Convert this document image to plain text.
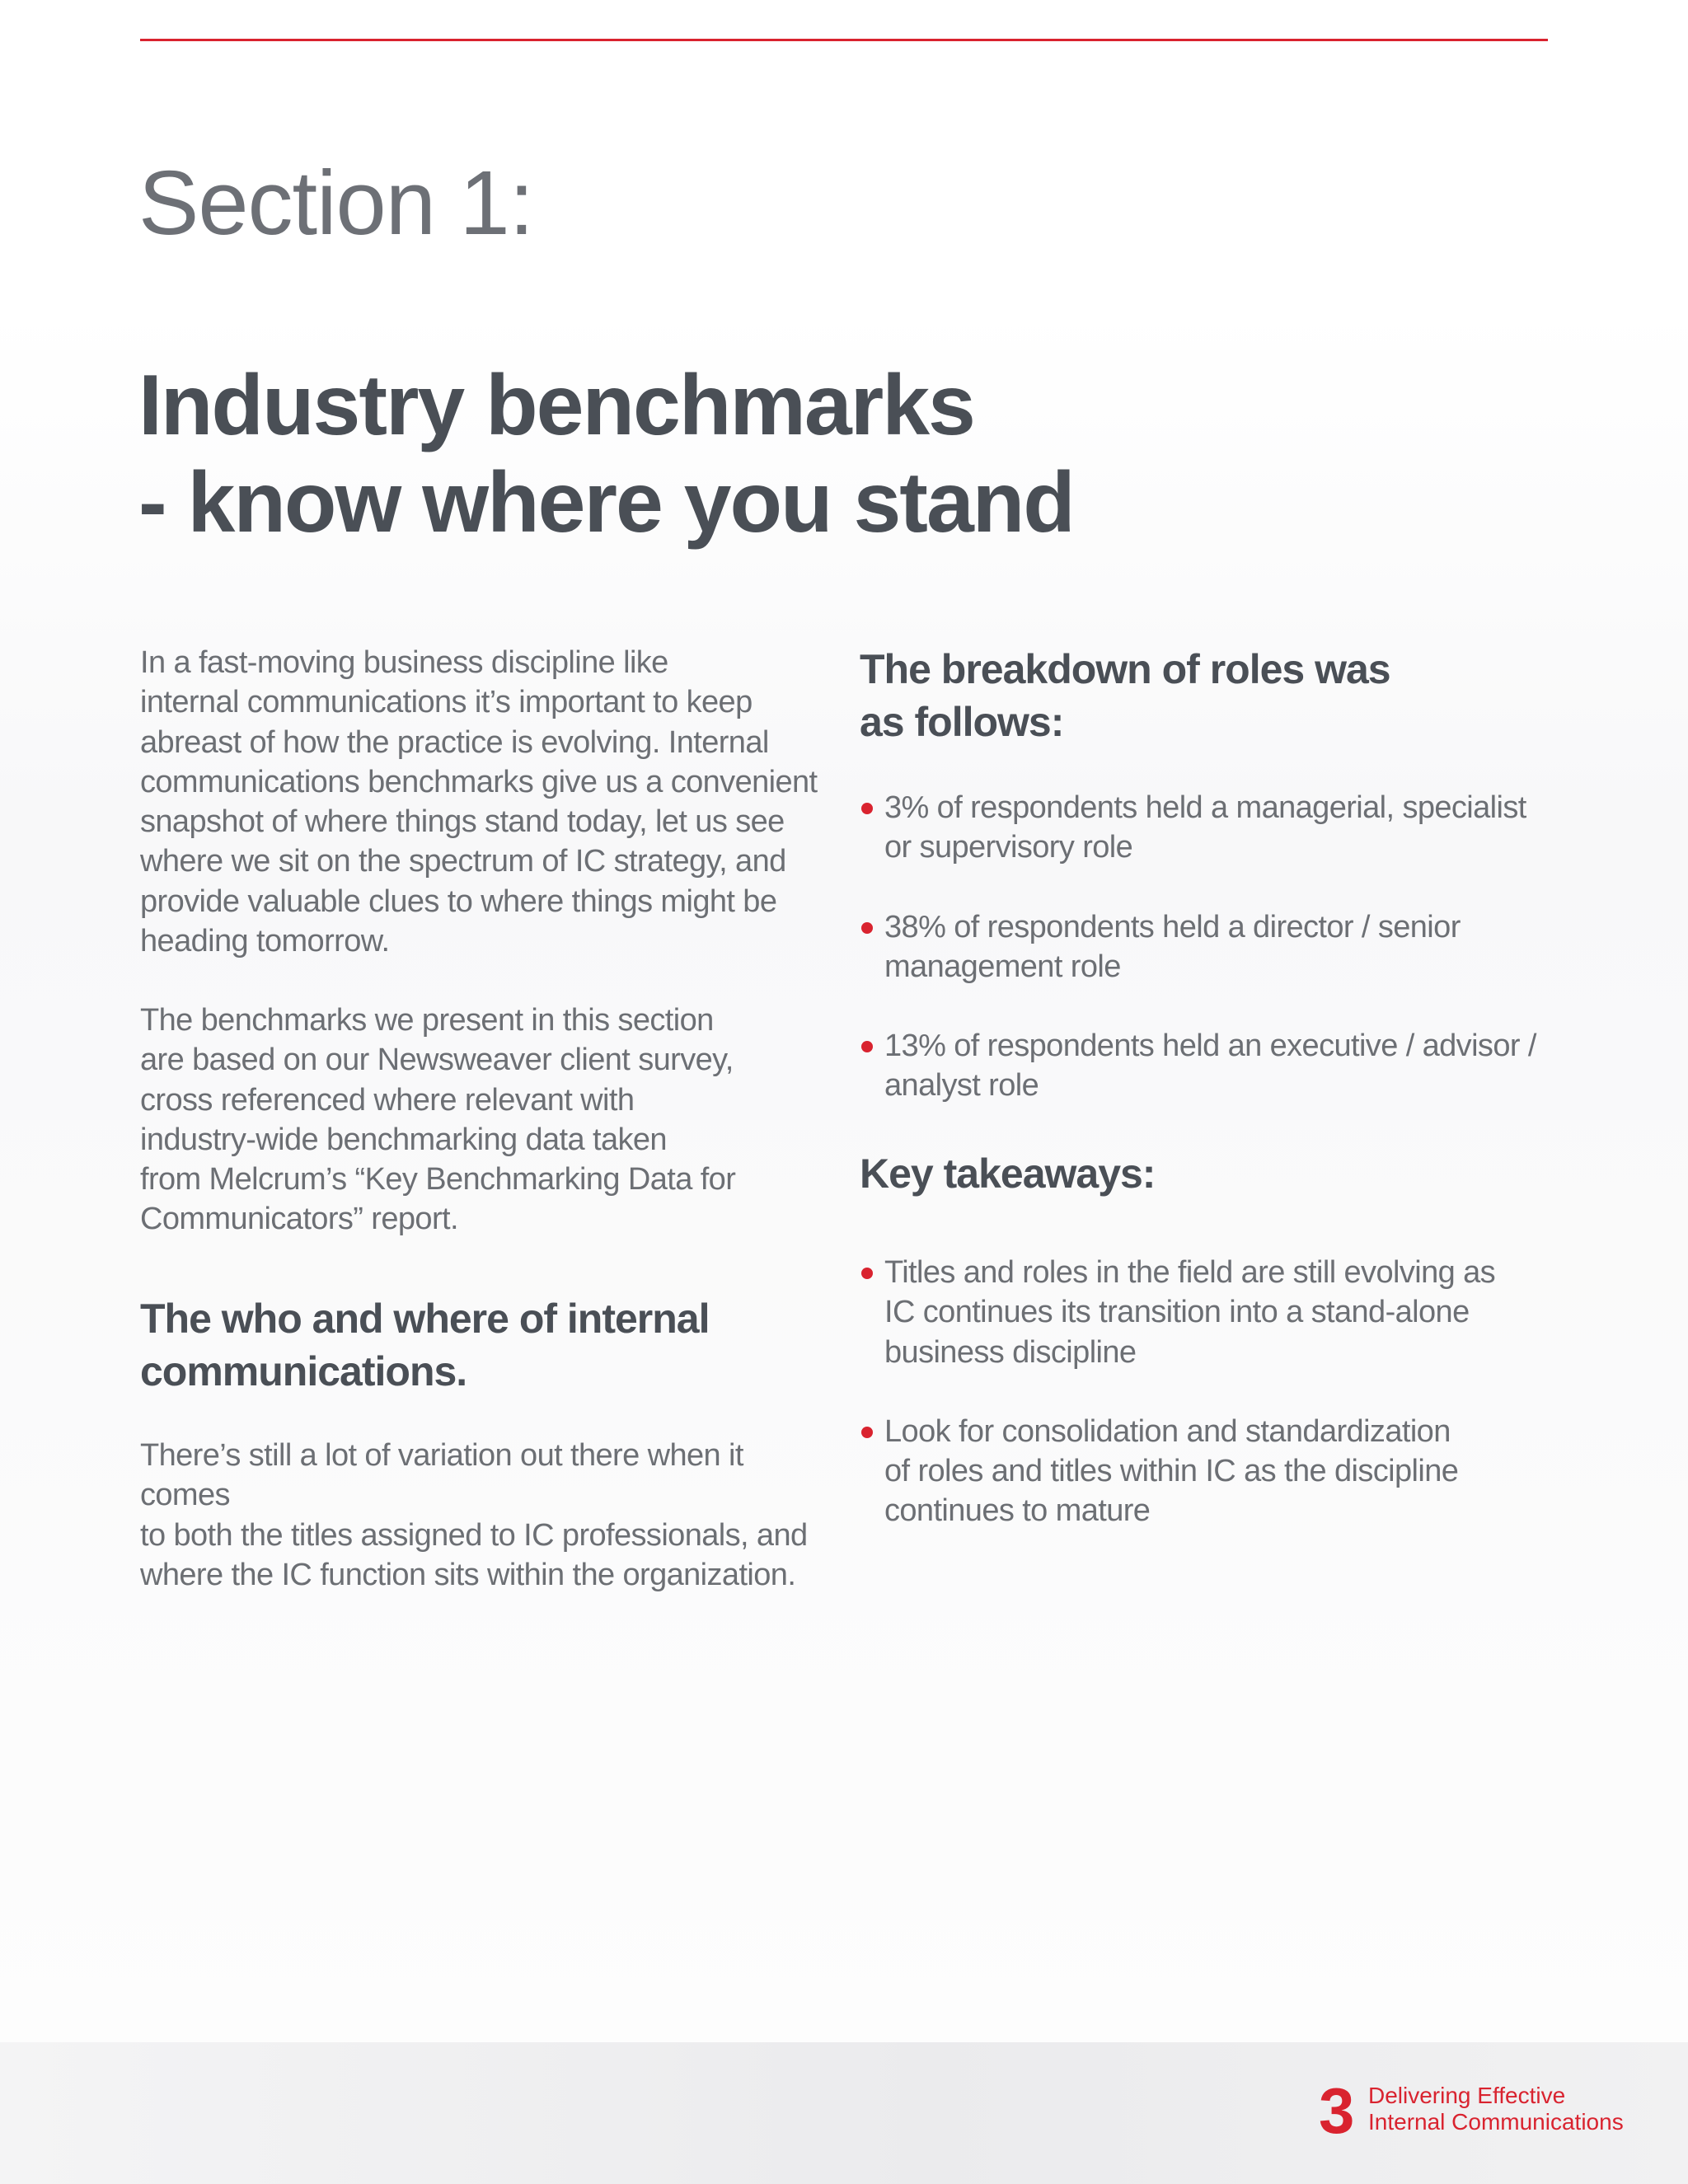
Section 1:
Industry benchmarks
- know where you stand

In a fast-moving business discipline like
internal communications it’s important to keep
abreast of how the practice is evolving. Internal
communications benchmarks give us a convenient
snapshot of where things stand today, let us see
where we sit on the spectrum of IC strategy, and
provide valuable clues to where things might be
heading tomorrow.

The benchmarks we present in this section
are based on our Newsweaver client survey,
cross referenced where relevant with
industry-wide benchmarking data taken
from Melcrum’s “Key Benchmarking Data for
Communicators” report.

The who and where of internal
communications.

There’s still a lot of variation out there when it comes
to both the titles assigned to IC professionals, and
where the IC function sits within the organization.

The breakdown of roles was
as follows:
3% of respondents held a managerial, specialist
or supervisory role
38% of respondents held a director / senior
management role
13% of respondents held an executive / advisor /
analyst role
Key takeaways:
Titles and roles in the field are still evolving as
IC continues its transition into a stand-alone
business discipline
Look for consolidation and standardization
of roles and titles within IC as the discipline
continues to mature
3 Delivering Effective
Internal Communications
